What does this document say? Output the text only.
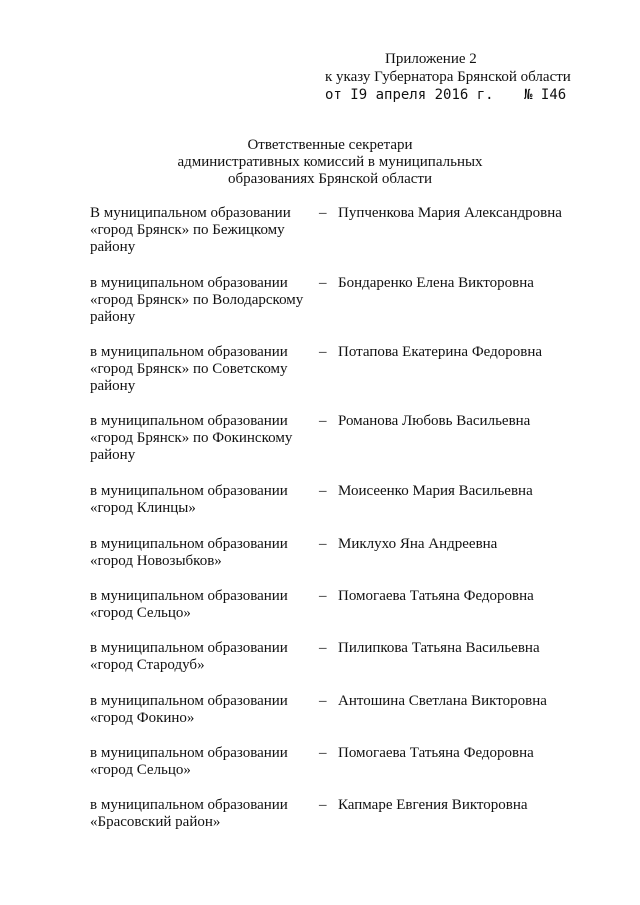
Приложение 2
к указу Губернатора Брянской области
от I9 апреля 2016 г. № I46
Ответственные секретари
административных комиссий в муниципальных
образованиях Брянской области
В муниципальном образовании
«город Брянск» по Бежицкому
району
– Пупченкова Мария Александровна
в муниципальном образовании
«город Брянск» по Володарскому
району
– Бондаренко Елена Викторовна
в муниципальном образовании
«город Брянск» по Советскому
району
– Потапова Екатерина Федоровна
в муниципальном образовании
«город Брянск» по Фокинскому
району
– Романова Любовь Васильевна
в муниципальном образовании
«город Клинцы»
– Моисеенко Мария Васильевна
в муниципальном образовании
«город Новозыбков»
– Миклухо Яна Андреевна
в муниципальном образовании
«город Сельцо»
– Помогаева Татьяна Федоровна
в муниципальном образовании
«город Стародуб»
– Пилипкова Татьяна Васильевна
в муниципальном образовании
«город Фокино»
– Антошина Светлана Викторовна
в муниципальном образовании
«город Сельцо»
– Помогаева Татьяна Федоровна
в муниципальном образовании
«Брасовский район»
– Капмаре Евгения Викторовна
